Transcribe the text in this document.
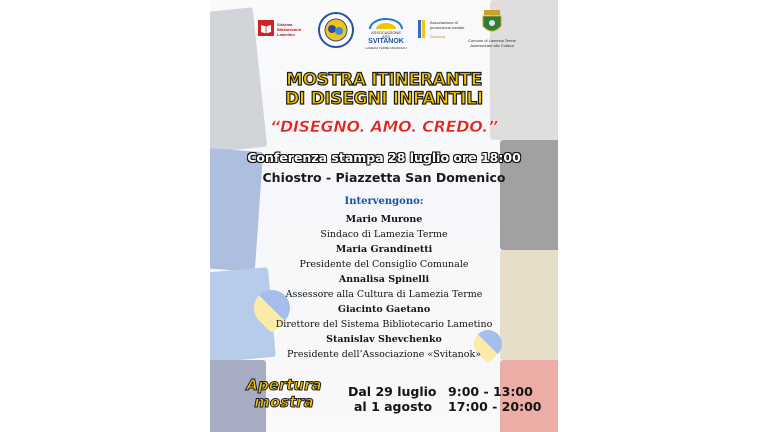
Sistema Bibliotecario Lametino	ASSOCIAZIONE
APS
SVITANOK
LAMEZIA TERME UKRAINIAN
Associazione di promozione sociale
Svitanok
Comune di Lamezia Terme Assessorato alla Cultura
MOSTRA ITINERANTE
DI DISEGNI INFANTILI
“DISEGNO. AMO. CREDO.”
Conferenza stampa 28 luglio ore 18:00
Chiostro - Piazzetta San Domenico
Intervengono:
Mario Murone
Sindaco di Lamezia Terme
Maria Grandinetti
Presidente del Consiglio Comunale
Annalisa Spinelli
Assessore alla Cultura di Lamezia Terme
Giacinto Gaetano
Direttore del Sistema Bibliotecario Lametino
Stanislav Shevchenko
Presidente dell’Associazione «Svitanok»
Apertura
mostra
Dal 29 luglio
al 1 agosto
9:00 - 13:00
17:00 - 20:00
